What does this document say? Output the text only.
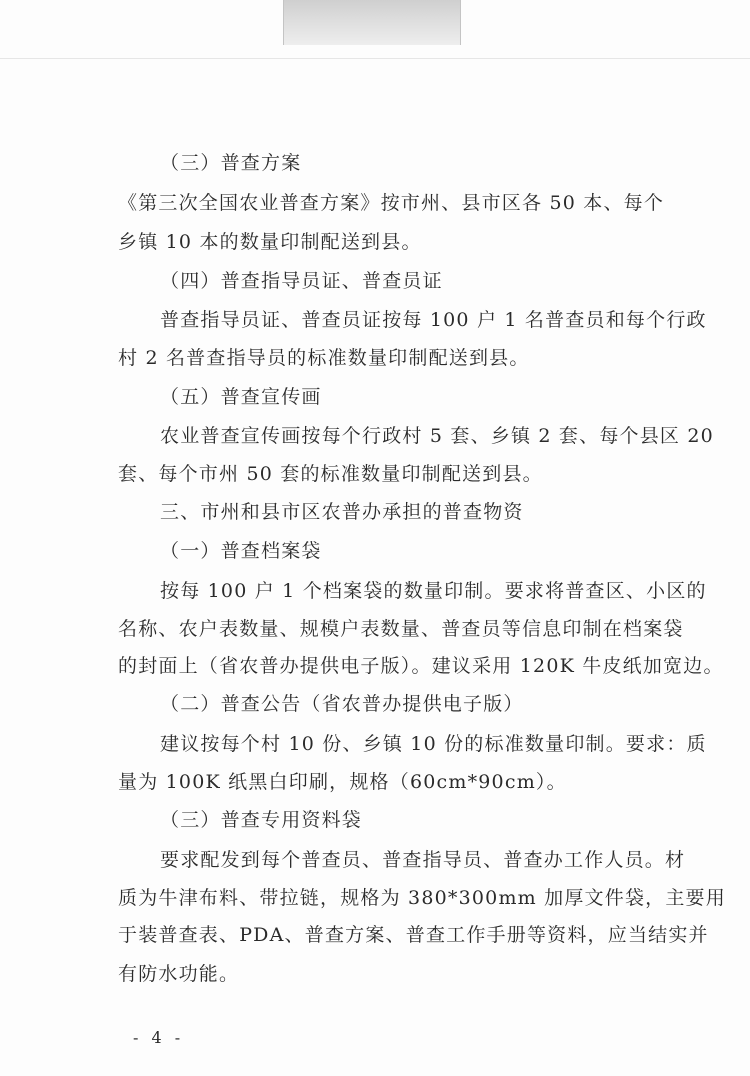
（三）普查方案
《第三次全国农业普查方案》按市州、县市区各 50 本、每个
乡镇 10 本的数量印制配送到县。
（四）普查指导员证、普查员证
普查指导员证、普查员证按每 100 户 1 名普查员和每个行政
村 2 名普查指导员的标准数量印制配送到县。
（五）普查宣传画
农业普查宣传画按每个行政村 5 套、乡镇 2 套、每个县区 20
套、每个市州 50 套的标准数量印制配送到县。
三、市州和县市区农普办承担的普查物资
（一）普查档案袋
按每 100 户 1 个档案袋的数量印制。要求将普查区、小区的
名称、农户表数量、规模户表数量、普查员等信息印制在档案袋
的封面上（省农普办提供电子版）。建议采用 120K 牛皮纸加宽边。
（二）普查公告（省农普办提供电子版）
建议按每个村 10 份、乡镇 10 份的标准数量印制。要求：质
量为 100K 纸黑白印刷，规格（60cm*90cm）。
（三）普查专用资料袋
要求配发到每个普查员、普查指导员、普查办工作人员。材
质为牛津布料、带拉链，规格为 380*300mm 加厚文件袋，主要用
于装普查表、PDA、普查方案、普查工作手册等资料，应当结实并
有防水功能。
- 4 -
